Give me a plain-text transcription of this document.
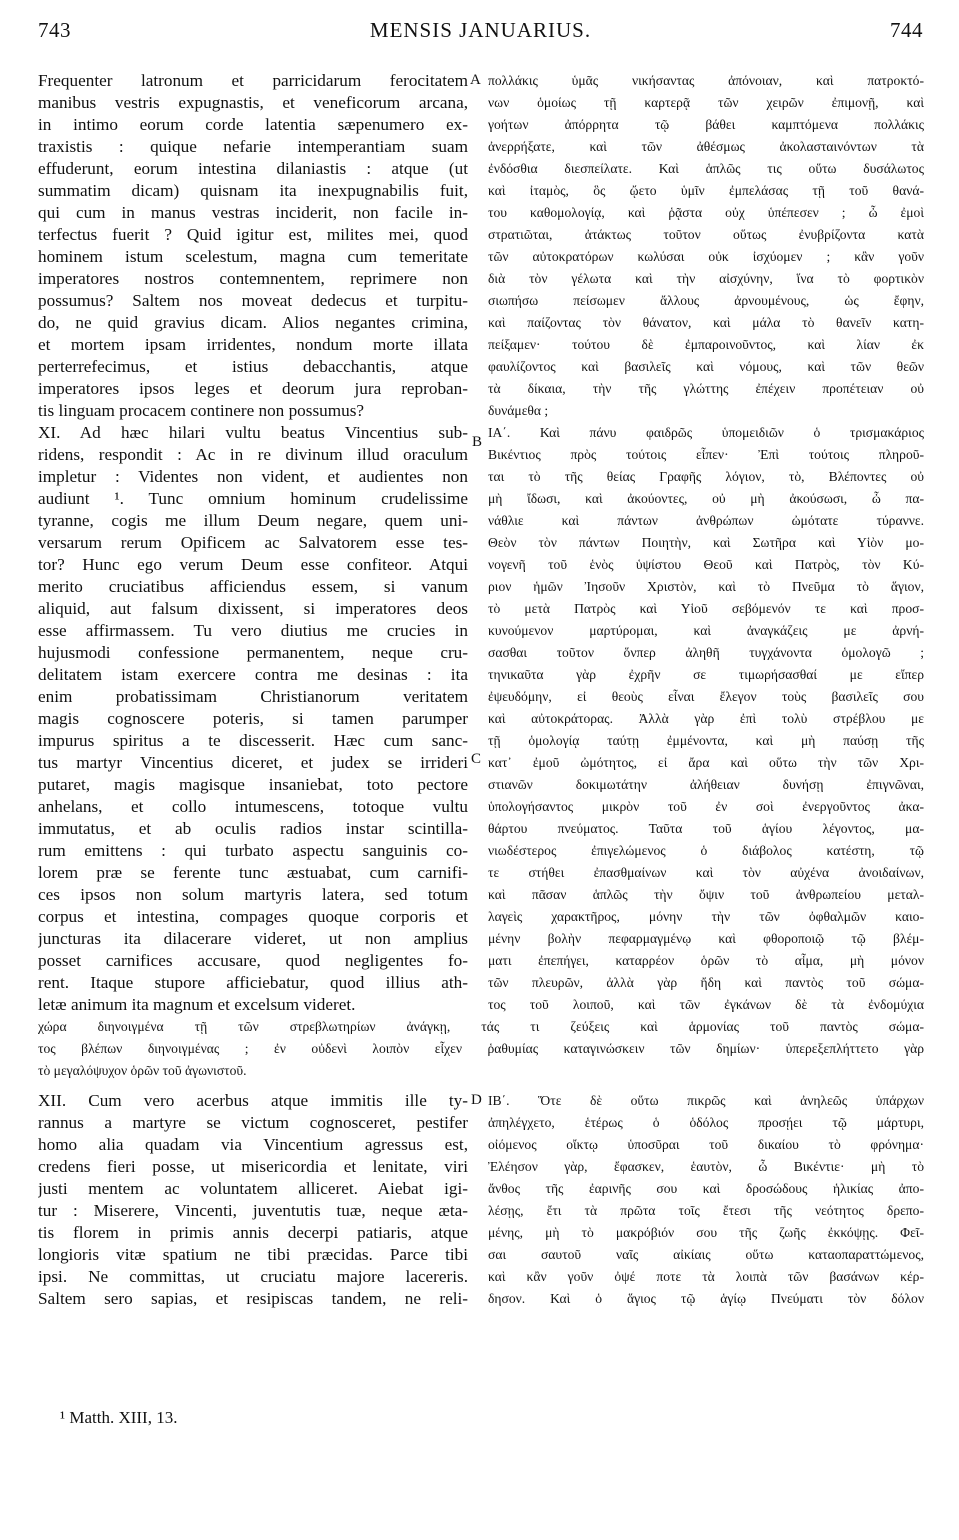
743	MENSIS JANUARIUS.	744
Frequenter latronum et parricidarum ferocitatem
manibus vestris expugnastis, et veneficorum arcana,
in intimo eorum corde latentia sæpenumero ex-
traxistis : quique nefarie intemperantiam suam
effuderunt, eorum intestina dilaniastis : atque (ut
summatim dicam) quisnam ita inexpugnabilis fuit,
qui cum in manus vestras inciderit, non facile in-
terfectus fuerit ? Quid igitur est, milites mei, quod
hominem istum scelestum, magna cum temeritate
imperatores nostros contemnentem, reprimere non
possumus? Saltem nos moveat dedecus et turpitu-
do, ne quid gravius dicam. Alios negantes crimina,
et mortem ipsam irridentes, nondum morte illata
perterrefecimus, et istius debacchantis, atque
imperatores ipsos leges et deorum jura reproban-
tis linguam procacem continere non possumus?
XI. Ad hæc hilari vultu beatus Vincentius sub-
ridens, respondit : Ac in re divinum illud oraculum
impletur : Videntes non vident, et audientes non
audiunt ¹. Tunc omnium hominum crudelissime
tyranne, cogis me illum Deum negare, quem uni-
versarum rerum Opificem ac Salvatorem esse tes-
tor? Hunc ego verum Deum esse confiteor. Atqui
merito cruciatibus afficiendus essem, si vanum
aliquid, aut falsum dixissent, si imperatores deos
esse affirmassem. Tu vero diutius me crucies in
hujusmodi confessione permanentem, neque cru-
delitatem istam exercere contra me desinas : ita
enim probatissimam Christianorum veritatem
magis cognoscere poteris, si tamen parumper
impurus spiritus a te discesserit. Hæc cum sanc-
tus martyr Vincentius diceret, et judex se irrideri
putaret, magis magisque insaniebat, toto pectore
anhelans, et collo intumescens, totoque vultu
immutatus, et ab oculis radios instar scintilla-
rum emittens : qui turbato aspectu sanguinis co-
lorem præ se ferente tunc æstuabat, cum carnifi-
ces ipsos non solum martyris latera, sed totum
corpus et intestina, compages quoque corporis et
juncturas ita dilacerare videret, ut non amplius
posset carnifices accusare, quod negligentes fo-
rent. Itaque stupore afficiebatur, quod illius ath-
letæ animum ita magnum et excelsum videret.
πολλάκις ὑμᾶς νικήσαντας ἀπόνοιαν, καὶ πατροκτό-
νων ὁμοίως τῇ καρτερᾷ τῶν χειρῶν ἐπιμονῇ, καὶ
γοήτων ἀπόρρητα τῷ βάθει καμπτόμενα πολλάκις
ἀνερρήξατε, καὶ τῶν ἀθέσμως ἀκολασταινόντων τὰ
ἐνδόσθια διεσπείλατε. Καὶ ἁπλῶς τις οὕτω δυσάλωτος
καὶ ἰταμὸς, ὃς ᾤετο ὑμῖν ἐμπελάσας τῇ τοῦ θανά-
του καθομολογίᾳ, καὶ ῥᾷστα οὐχ ὑπέπεσεν ; ὦ ἐμοὶ
στρατιῶται, ἀτάκτως τοῦτον οὕτως ἐνυβρίζοντα κατὰ
τῶν αὐτοκρατόρων κωλύσαι οὐκ ἰσχύομεν ; κἂν γοῦν
διὰ τὸν γέλωτα καὶ τὴν αἰσχύνην, ἵνα τὸ φορτικὸν
σιωπήσω πείσωμεν ἄλλους ἀρνουμένους, ὡς ἔφην,
καὶ παίζοντας τὸν θάνατον, καὶ μάλα τὸ θανεῖν κατη-
πείξαμεν· τούτου δὲ ἐμπαροινοῦντος, καὶ λίαν ἐκ
φαυλίζοντος καὶ βασιλεῖς καὶ νόμους, καὶ τῶν θεῶν
τὰ δίκαια, τὴν τῆς γλώττης ἐπέχειν προπέτειαν οὐ
δυνάμεθα ;
ΙΑ΄. Καὶ πάνυ φαιδρῶς ὑπομειδιῶν ὁ τρισμακάριος
Βικέντιος πρὸς τούτοις εἶπεν· Ἐπὶ τούτοις πληροῦ-
ται τὸ τῆς θείας Γραφῆς λόγιον, τὸ, Βλέποντες οὐ
μὴ ἴδωσι, καὶ ἀκούοντες, οὐ μὴ ἀκούσωσι, ὦ πα-
νάθλιε καὶ πάντων ἀνθρώπων ὠμότατε τύραννε.
Θεὸν τὸν πάντων Ποιητὴν, καὶ Σωτῆρα καὶ Υἱὸν μο-
νογενῆ τοῦ ἑνὸς ὑψίστου Θεοῦ καὶ Πατρὸς, τὸν Κύ-
ριον ἡμῶν Ἰησοῦν Χριστὸν, καὶ τὸ Πνεῦμα τὸ ἅγιον,
τὸ μετὰ Πατρὸς καὶ Υἱοῦ σεβόμενόν τε καὶ προσ-
κυνούμενον μαρτύρομαι, καὶ ἀναγκάζεις με ἀρνή-
σασθαι τοῦτον ὅνπερ ἀληθῆ τυγχάνοντα ὁμολογῶ ;
τηνικαῦτα γὰρ ἐχρῆν σε τιμωρήσασθαί με εἴπερ
ἐψευδόμην, εἰ θεοὺς εἶναι ἔλεγον τοὺς βασιλεῖς σου
καὶ αὐτοκράτορας. Ἀλλὰ γὰρ ἐπὶ τολὺ στρέβλου με
τῇ ὁμολογίᾳ ταύτῃ ἐμμένοντα, καὶ μὴ παύσῃ τῆς
κατ᾽ ἐμοῦ ὠμότητος, εἰ ἄρα καὶ οὕτω τὴν τῶν Χρι-
στιανῶν δοκιμωτάτην ἀλήθειαν δυνήσῃ ἐπιγνῶναι,
ὑπολογήσαντος μικρὸν τοῦ ἐν σοὶ ἐνεργοῦντος ἀκα-
θάρτου πνεύματος. Ταῦτα τοῦ ἁγίου λέγοντος, μα-
νιωδέστερος ἐπιγελώμενος ὁ διάβολος κατέστη, τῷ
τε στήθει ἐπασθμαίνων καὶ τὸν αὐχένα ἀνοιδαίνων,
καὶ πᾶσαν ἁπλῶς τὴν ὄψιν τοῦ ἀνθρωπείου μεταλ-
λαγεὶς χαρακτῆρος, μόνην τὴν τῶν ὀφθαλμῶν καιο-
μένην βολὴν πεφαρμαγμένῳ καὶ φθοροποιῷ τῷ βλέμ-
ματι ἐπεπήγει, καταρρέον ὁρῶν τὸ αἷμα, μὴ μόνον
τῶν πλευρῶν, ἀλλὰ γὰρ ἤδη καὶ παντὸς τοῦ σώμα-
τος τοῦ λοιποῦ, καὶ τῶν ἐγκάνων δὲ τὰ ἐνδομύχια
A
B
C
D
χώρα διηνοιγμένα τῇ τῶν στρεβλωτηρίων ἀνάγκῃ, τάς τι ζεύξεις καὶ ἁρμονίας τοῦ παντὸς σώμα-
τος βλέπων διηνοιγμένας ; ἐν οὐδενὶ λοιπὸν εἶχεν ῥαθυμίας καταγινώσκειν τῶν δημίων· ὑπερεξεπλήττετο γὰρ
τὸ μεγαλόψυχον ὁρῶν τοῦ ἀγωνιστοῦ.
XII. Cum vero acerbus atque immitis ille ty-
rannus a martyre se victum cognosceret, pestifer
homo alia quadam via Vincentium agressus est,
credens fieri posse, ut misericordia et lenitate, viri
justi mentem ac voluntatem alliceret. Aiebat igi-
tur : Miserere, Vincenti, juventutis tuæ, neque æta-
tis florem in primis annis decerpi patiaris, atque
longioris vitæ spatium ne tibi præcidas. Parce tibi
ipsi. Ne committas, ut cruciatu majore lacereris.
Saltem sero sapias, et resipiscas tandem, ne reli-
ΙΒ΄. Ὅτε δὲ οὕτω πικρῶς καὶ ἀνηλεῶς ὑπάρχων
ἀπηλέγχετο, ἑτέρως ὁ ὁδόλος προσῄει τῷ μάρτυρι,
οἰόμενος οἴκτῳ ὑποσῦραι τοῦ δικαίου τὸ φρόνημα·
Ἐλέησον γὰρ, ἔφασκεν, ἑαυτὸν, ὦ Βικέντιε· μὴ τὸ
ἄνθος τῆς ἐαρινῆς σου καὶ δροσώδους ἡλικίας ἀπο-
λέσῃς, ἔτι τὰ πρῶτα τοῖς ἔτεσι τῆς νεότητος δρεπο-
μένης, μὴ τὸ μακρόβιόν σου τῆς ζωῆς ἐκκόψῃς. Φεῖ-
σαι σαυτοῦ ναῖς αἰκίαις οὕτω καταοπαραττώμενος,
καὶ κἂν γοῦν ὀψέ ποτε τὰ λοιπὰ τῶν βασάνων κέρ-
δησον. Καὶ ὁ ἅγιος τῷ ἁγίῳ Πνεύματι τὸν δόλον
¹ Matth. XIII, 13.
